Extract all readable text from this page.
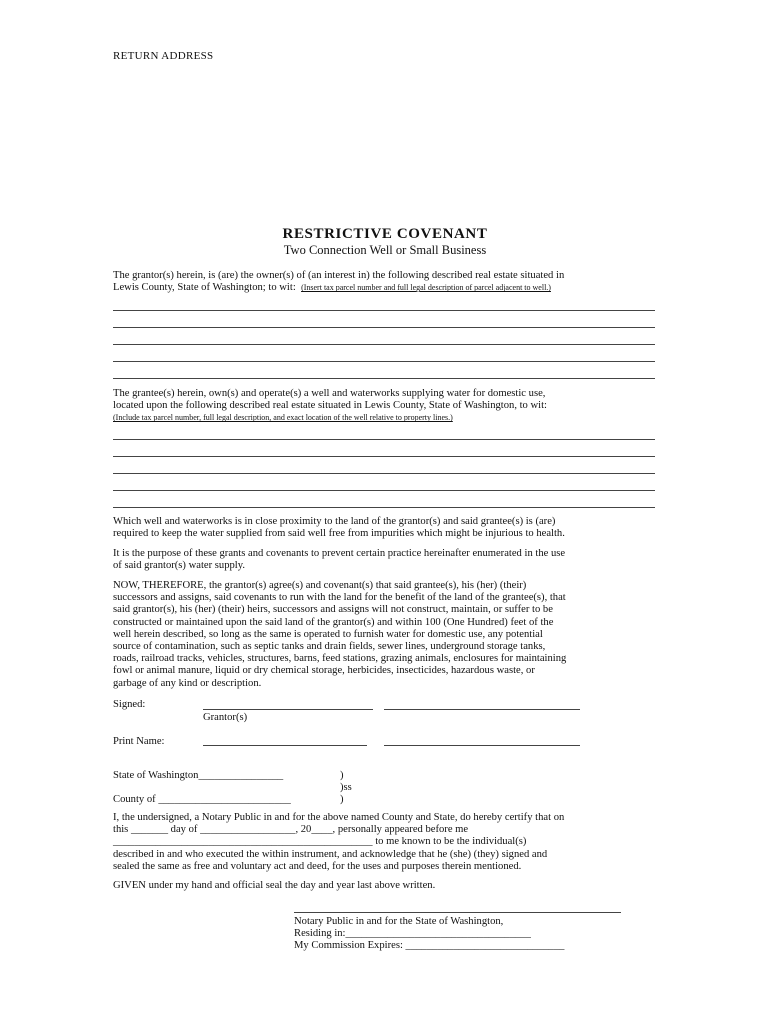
RETURN ADDRESS
RESTRICTIVE COVENANT
Two Connection Well or Small Business
The grantor(s) herein, is (are) the owner(s) of (an interest in) the following described real estate situated in
Lewis County, State of Washington; to wit: (Insert tax parcel number and full legal description of parcel adjacent to well.)
The grantee(s) herein, own(s) and operate(s) a well and waterworks supplying water for domestic use,
located upon the following described real estate situated in Lewis County, State of Washington, to wit:
(Include tax parcel number, full legal description, and exact location of the well relative to property lines.)
Which well and waterworks is in close proximity to the land of the grantor(s) and said grantee(s) is (are)
required to keep the water supplied from said well free from impurities which might be injurious to health.
It is the purpose of these grants and covenants to prevent certain practice hereinafter enumerated in the use
of said grantor(s) water supply.
NOW, THEREFORE, the grantor(s) agree(s) and covenant(s) that said grantee(s), his (her) (their)
successors and assigns, said covenants to run with the land for the benefit of the land of the grantee(s), that
said grantor(s), his (her) (their) heirs, successors and assigns will not construct, maintain, or suffer to be
constructed or maintained upon the said land of the grantor(s) and within 100 (One Hundred) feet of the
well herein described, so long as the same is operated to furnish water for domestic use, any potential
source of contamination, such as septic tanks and drain fields, sewer lines, underground storage tanks,
roads, railroad tracks, vehicles, structures, barns, feed stations, grazing animals, enclosures for maintaining
fowl or animal manure, liquid or dry chemical storage, herbicides, insecticides, hazardous waste, or
garbage of any kind or description.
Signed:
Grantor(s)
Print Name:
State of Washington________________	)
)ss
County of _________________________	)
I, the undersigned, a Notary Public in and for the above named County and State, do hereby certify that on
this _______ day of __________________, 20____, personally appeared before me
_________________________________________________ to me known to be the individual(s)
described in and who executed the within instrument, and acknowledge that he (she) (they) signed and
sealed the same as free and voluntary act and deed, for the uses and purposes therein mentioned.
GIVEN under my hand and official seal the day and year last above written.
Notary Public in and for the State of Washington,
Residing in:___________________________________
My Commission Expires: ______________________________
